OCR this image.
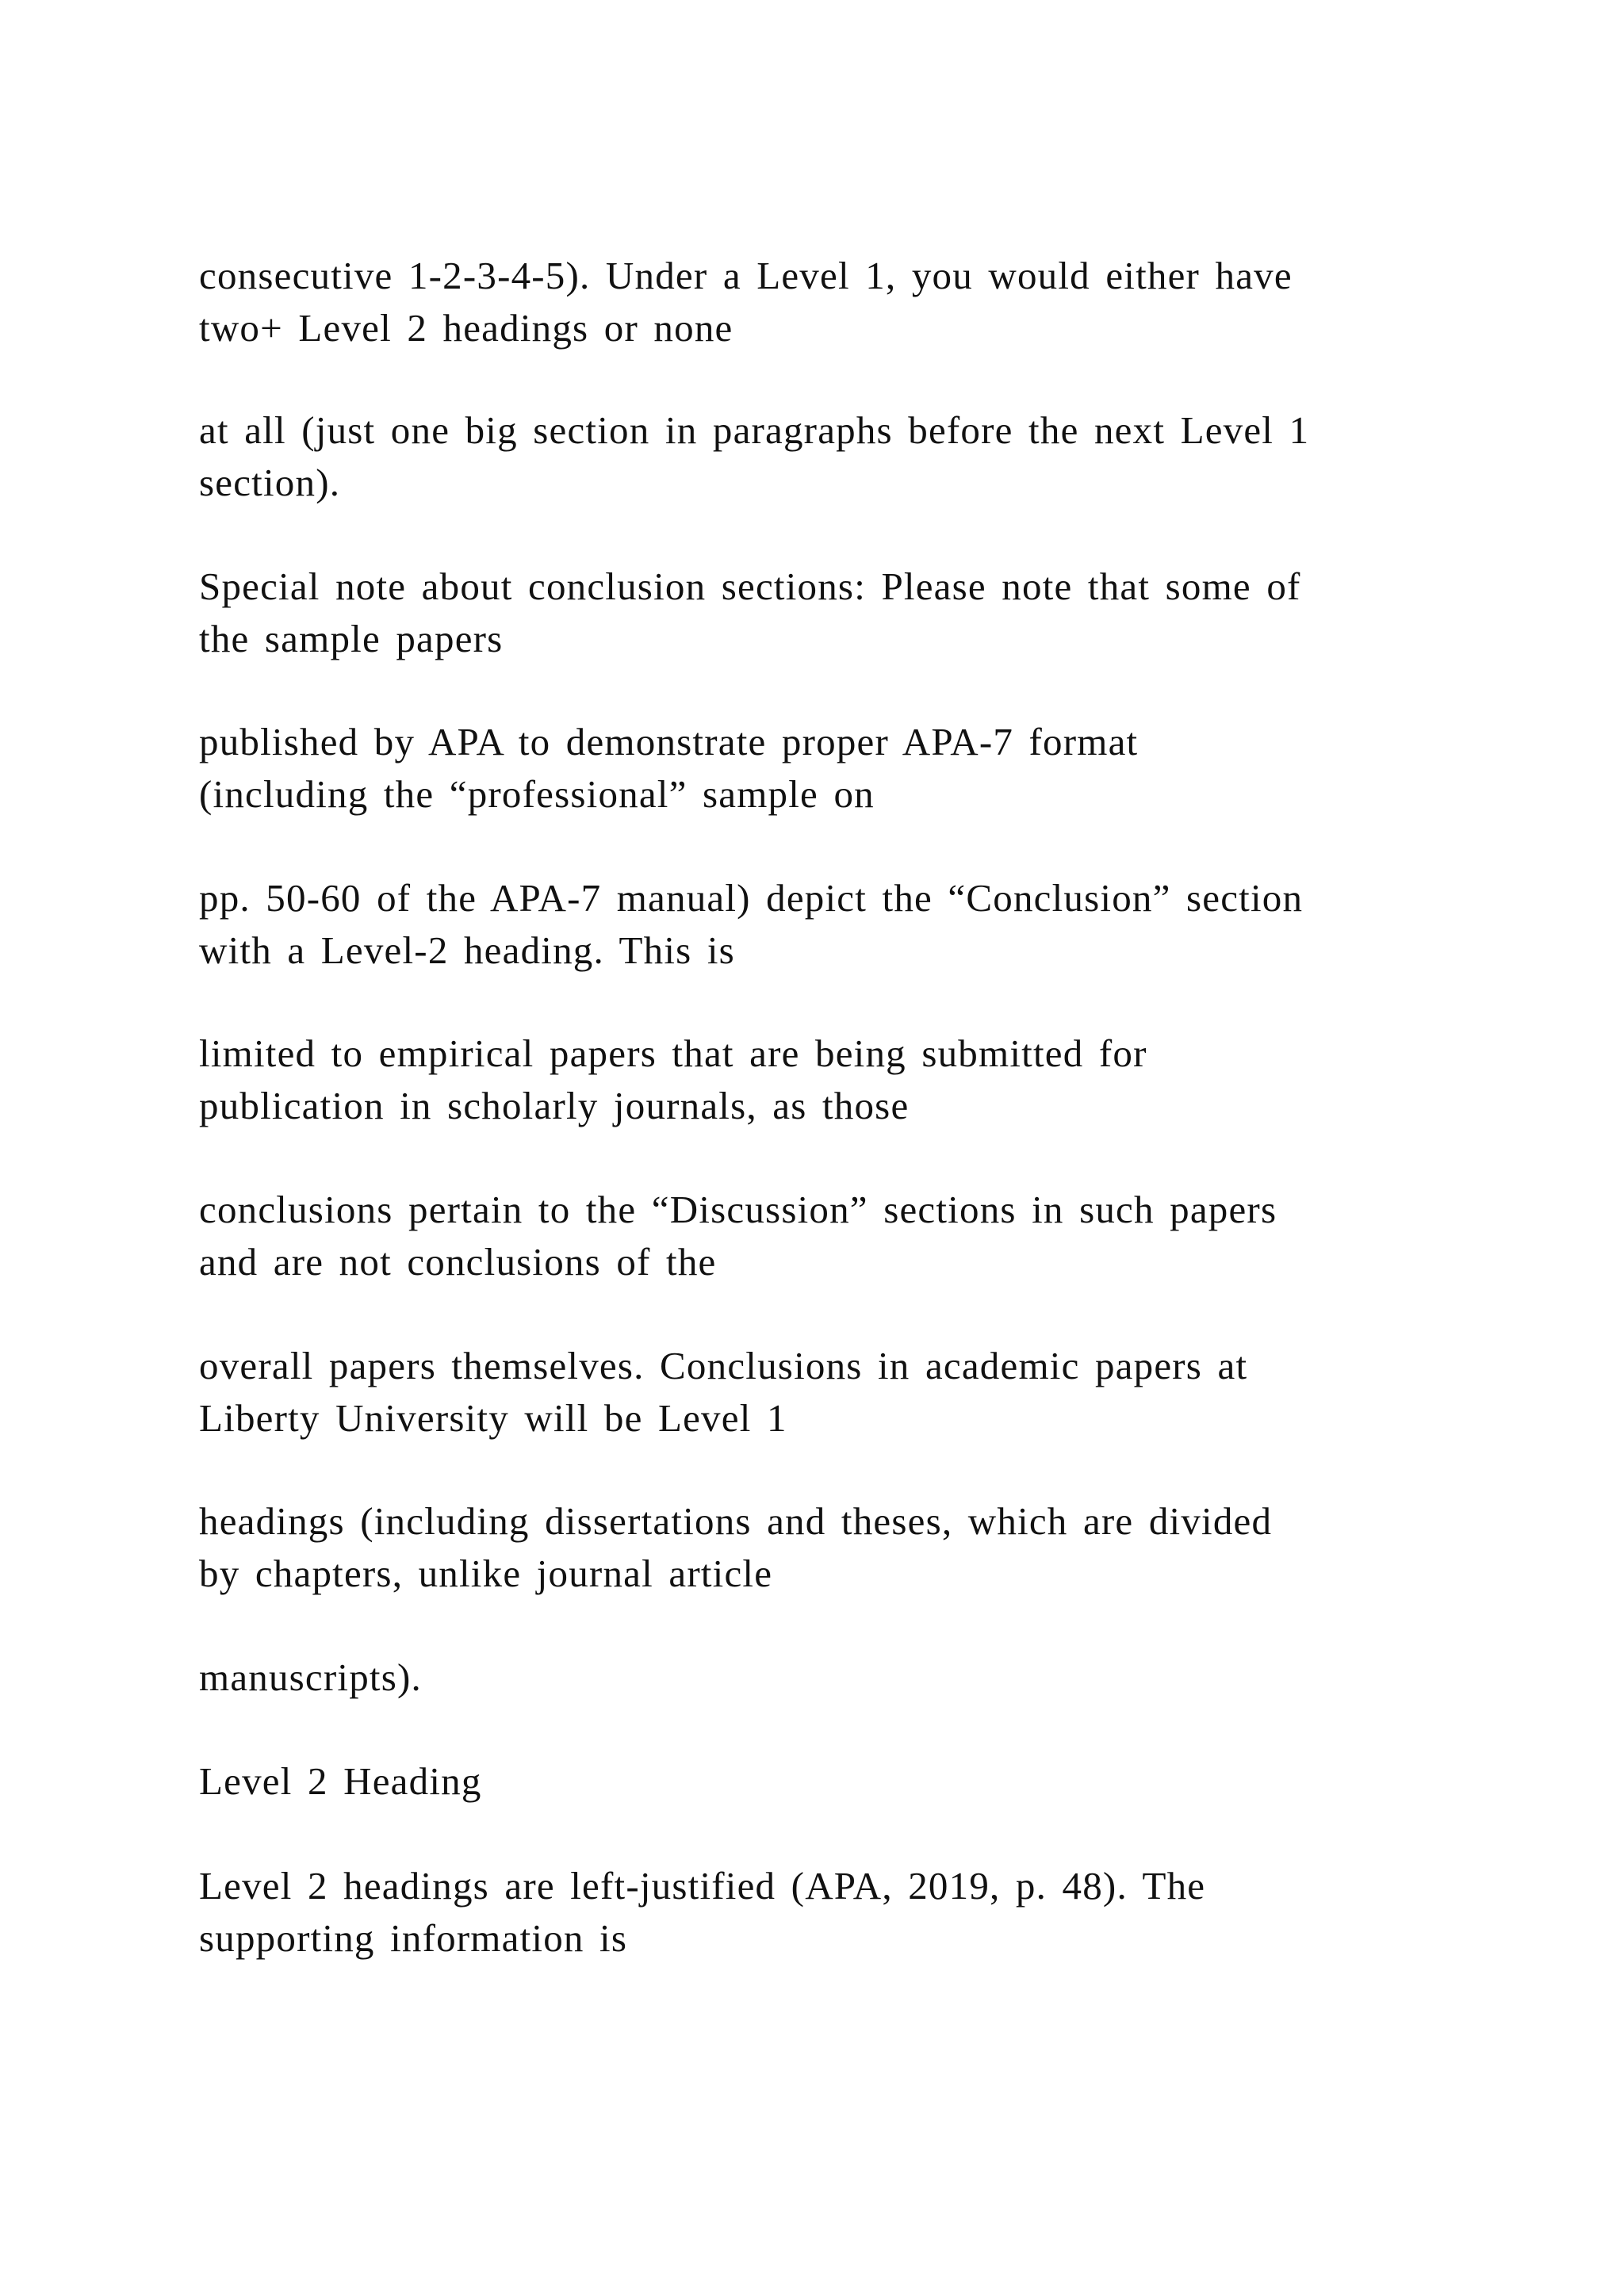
consecutive 1-2-3-4-5). Under a Level 1, you would either have
two+ Level 2 headings or none
at all (just one big section in paragraphs before the next Level 1
section).
Special note about conclusion sections: Please note that some of
the sample papers
published by APA to demonstrate proper APA-7 format
(including the “professional” sample on
pp. 50-60 of the APA-7 manual) depict the “Conclusion” section
with a Level-2 heading. This is
limited to empirical papers that are being submitted for
publication in scholarly journals, as those
conclusions pertain to the “Discussion” sections in such papers
and are not conclusions of the
overall papers themselves. Conclusions in academic papers at
Liberty University will be Level 1
headings (including dissertations and theses, which are divided
by chapters, unlike journal article
manuscripts).
Level 2 Heading
Level 2 headings are left-justified (APA, 2019, p. 48). The
supporting information is
